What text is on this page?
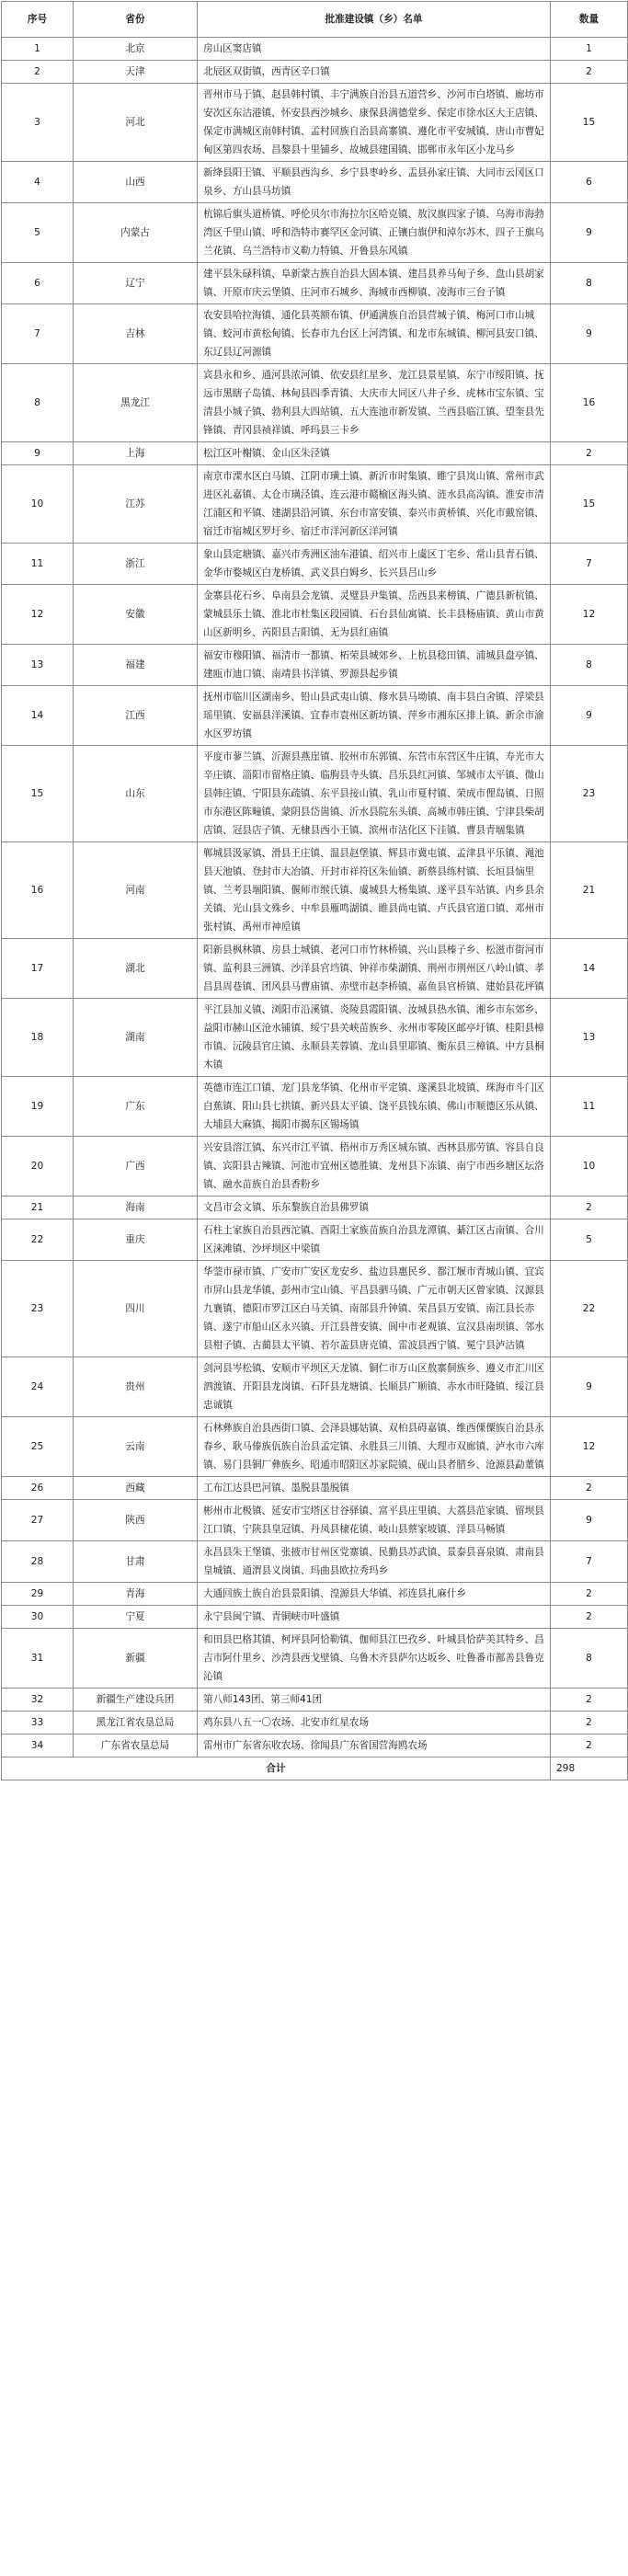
序号	省份	批准建设镇（乡）名单	数量
1	北京	房山区窦店镇	1
2	天津	北辰区双街镇，西青区辛口镇	2
3	河北	晋州市马于镇、赵县韩村镇、丰宁满族自治县五道营乡、沙河市白塔镇、廊坊市安次区东沽港镇、怀安县西沙城乡、康保县满德堂乡、保定市徐水区大王店镇、保定市满城区南韩村镇、孟村回族自治县高寨镇、遵化市平安城镇、唐山市曹妃甸区第四农场、昌黎县十里铺乡、故城县建国镇、邯郸市永年区小龙马乡	15
4	山西	新绛县阳王镇、平顺县西沟乡、乡宁县枣岭乡、盂县孙家庄镇、大同市云冈区口泉乡、方山县马坊镇	6
5	内蒙古	杭锦后旗头道桥镇、呼伦贝尔市海拉尔区哈克镇、敖汉旗四家子镇、乌海市海勃湾区千里山镇、呼和浩特市赛罕区金河镇、正镶白旗伊和淖尔苏木、四子王旗乌兰花镇、乌兰浩特市义勒力特镇、开鲁县东风镇	9
6	辽宁	建平县朱碌科镇、阜新蒙古族自治县大固本镇、建昌县养马甸子乡、盘山县胡家镇、开原市庆云堡镇、庄河市石城乡、海城市西柳镇、凌海市三台子镇	8
7	吉林	农安县哈拉海镇、通化县英额布镇、伊通满族自治县营城子镇、梅河口市山城镇、蛟河市黄松甸镇、长春市九台区上河湾镇、和龙市东城镇、柳河县安口镇、东辽县辽河源镇	9
8	黑龙江	宾县永和乡、通河县浓河镇、依安县红星乡、龙江县景星镇、东宁市绥阳镇、抚远市黑瞎子岛镇、林甸县四季青镇、大庆市大同区八井子乡、虎林市宝东镇、宝清县小城子镇、勃利县大四站镇、五大连池市新发镇、兰西县临江镇、望奎县先锋镇、青冈县祯祥镇、呼玛县三卡乡	16
9	上海	松江区叶榭镇、金山区朱泾镇	2
10	江苏	南京市溧水区白马镇、江阴市璜土镇、新沂市时集镇、睢宁县岚山镇、常州市武进区礼嘉镇、太仓市璜泾镇、连云港市赣榆区海头镇、涟水县高沟镇、淮安市清江浦区和平镇、建湖县沿河镇、东台市富安镇、泰兴市黄桥镇、兴化市戴窑镇、宿迁市宿城区罗圩乡、宿迁市洋河新区洋河镇	15
11	浙江	象山县定塘镇、嘉兴市秀洲区油车港镇、绍兴市上虞区丁宅乡、常山县青石镇、金华市婺城区白龙桥镇、武义县白姆乡、长兴县吕山乡	7
12	安徽	金寨县花石乡、阜南县会龙镇、灵璧县尹集镇、岳西县来榜镇、广德县新杭镇、蒙城县乐土镇、淮北市杜集区段园镇、石台县仙寓镇、长丰县杨庙镇、黄山市黄山区新明乡、芮阳县吉阳镇、无为县红庙镇	12
13	福建	福安市穆阳镇、福清市一都镇、柘荣县城郊乡、上杭县稔田镇、浦城县盘亭镇、建瓯市迪口镇、南靖县书洋镇、罗源县起步镇	8
14	江西	抚州市临川区湖南乡、铅山县武夷山镇、修水县马坳镇、南丰县白舍镇、浮梁县瑶里镇、安福县洋溪镇、宜春市袁州区新坊镇、萍乡市湘东区排上镇、新余市渝水区罗坊镇	9
15	山东	平度市蓼兰镇、沂源县燕崖镇、胶州市东郭镇、东营市东营区牛庄镇、寿光市大辛庄镇、淄阳市留格庄镇、临朐县寺头镇、昌乐县红河镇、邹城市太平镇、微山县韩庄镇、宁阳县东疏镇、东平县接山镇、乳山市夏村镇、荣成市俚岛镇、日照市东港区陈疃镇、蒙阴县岱崮镇、沂水县院东头镇、高城市韩庄镇、宁津县柴胡店镇、冠县店子镇、无棣县西小王镇、滨州市沾化区下洼镇、曹县青堌集镇	23
16	河南	郸城县汲冢镇、滑县王庄镇、温县赵堡镇、辉县市冀屯镇、孟津县平乐镇、渑池县天池镇、登封市大冶镇、开封市祥符区朱仙镇、新蔡县练村镇、长垣县恼里镇、兰考县堌阳镇、偃师市缑氏镇、虞城县大杨集镇、遂平县车站镇、内乡县余关镇、光山县文殊乡、中牟县雁鸣湖镇、睢县尚屯镇、卢氏县官道口镇、邓州市张村镇、禹州市神垕镇	21
17	湖北	阳新县枫林镇、房县土城镇、老河口市竹林桥镇、兴山县榛子乡、松滋市街河市镇、监利县三洲镇、沙洋县官垱镇、钟祥市柴湖镇、荆州市荆州区八岭山镇、孝昌县周巷镇、团风县马曹庙镇、赤壁市赵李桥镇、嘉鱼县官桥镇、建始县花坪镇	14
18	湖南	平江县加义镇、浏阳市沿溪镇、炎陵县霞阳镇、汝城县热水镇、湘乡市东郊乡、益阳市赫山区沧水铺镇、绥宁县关峡苗族乡、永州市零陵区邮亭圩镇、桂阳县樟市镇、沅陵县官庄镇、永顺县芙蓉镇、龙山县里耶镇、衡东县三樟镇、中方县桐木镇	13
19	广东	英德市连江口镇、龙门县龙华镇、化州市平定镇、遂溪县北坡镇、珠海市斗门区白蕉镇、阳山县七拱镇、新兴县太平镇、饶平县钱东镇、佛山市顺德区乐从镇、大埔县大麻镇、揭阳市揭东区锡场镇	11
20	广西	兴安县溶江镇、东兴市江平镇、梧州市万秀区城东镇、西林县那劳镇、容县自良镇、宾阳县古辣镇、河池市宜州区德胜镇、龙州县下冻镇、南宁市西乡塘区坛洛镇、融水苗族自治县香粉乡	10
21	海南	文昌市会文镇、乐东黎族自治县佛罗镇	2
22	重庆	石柱土家族自治县西沱镇、酉阳土家族苗族自治县龙潭镇、綦江区古南镇、合川区涞滩镇、沙坪坝区中梁镇	5
23	四川	华蓥市禄市镇、广安市广安区龙安乡、盐边县惠民乡、都江堰市青城山镇、宜宾市屏山县龙华镇、彭州市宝山镇、平昌县驷马镇、广元市朝天区曾家镇、汉源县九襄镇、德阳市罗江区白马关镇、南部县升钟镇、荣昌县万安镇、南江县长赤镇、遂宁市船山区永兴镇、开江县普安镇、阆中市老观镇、宣汉县南坝镇、邻水县柑子镇、古蔺县太平镇、若尔盖县唐克镇、雷波县西宁镇、冕宁县泸沽镇	22
24	贵州	剑河县岑松镇、安顺市平坝区天龙镇、铜仁市万山区敖寨侗族乡、遵义市汇川区泗渡镇、开阳县龙岗镇、石阡县龙塘镇、长顺县广顺镇、赤水市旺隆镇、绥江县忠诚镇	9
25	云南	石林彝族自治县西街口镇、会泽县娜姑镇、双柏县碍嘉镇、维西傈僳族自治县永春乡、耿马傣族佤族自治县孟定镇、永胜县三川镇、大理市双廊镇、泸水市六库镇、易门县铜厂彝族乡、昭通市昭阳区苏家院镇、砚山县者腊乡、沧源县勐董镇	12
26	西藏	工布江达县巴河镇、墨脱县墨脱镇	2
27	陕西	彬州市北极镇、延安市宝塔区甘谷驿镇、富平县庄里镇、大荔县范家镇、留坝县江口镇、宁陕县皇冠镇、丹凤县棣花镇、岐山县蔡家坡镇、洋县马畅镇	9
28	甘肃	永昌县朱王堡镇、张掖市甘州区党寨镇、民勤县苏武镇、景泰县喜泉镇、肃南县皇城镇、通渭县义岗镇、玛曲县欧拉秀玛乡	7
29	青海	大通回族土族自治县景阳镇、湟源县大华镇、祁连县扎麻什乡	2
30	宁夏	永宁县闽宁镇、青铜峡市叶盛镇	2
31	新疆	和田县巴格其镇、柯坪县阿恰勒镇、伽师县江巴孜乡、叶城县恰萨美其特乡、昌吉市阿什里乡、沙湾县西戈壁镇、乌鲁木齐县萨尔达坂乡、吐鲁番市鄯善县鲁克沁镇	8
32	新疆生产建设兵团	第八师143团、第三师41团	2
33	黑龙江省农垦总局	鸡东县八五一〇农场、北安市红星农场	2
34	广东省农垦总局	雷州市广东省东收农场、徐闻县广东省国营海鸥农场	2
合计			298
